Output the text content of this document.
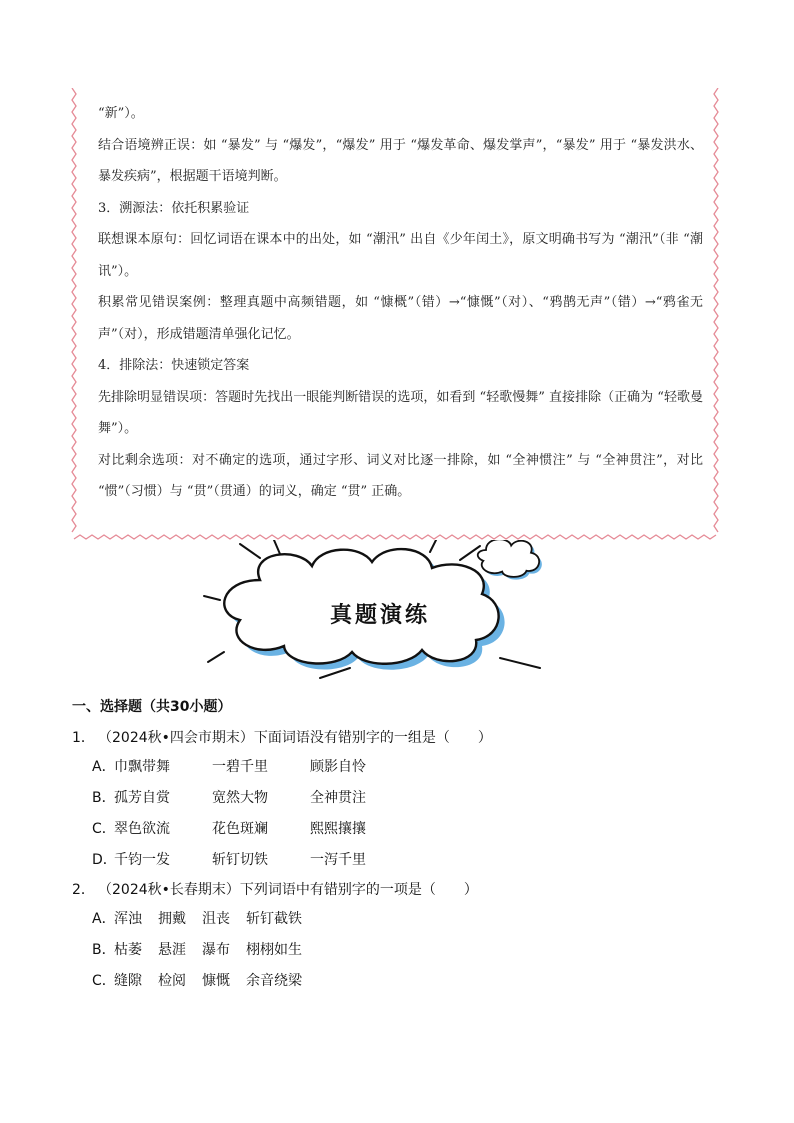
“新”）。

结合语境辨正误：如 “暴发” 与 “爆发”，“爆发” 用于 “爆发革命、爆发掌声”，“暴发” 用于 “暴发洪水、暴发疾病”，根据题干语境判断。

3．溯源法：依托积累验证

联想课本原句：回忆词语在课本中的出处，如 “潮汛” 出自《少年闰土》，原文明确书写为 “潮汛”（非 “潮讯”）。

积累常见错误案例：整理真题中高频错题，如 “慷概”（错）→“慷慨”（对）、“鸦鹊无声”（错）→“鸦雀无声”（对），形成错题清单强化记忆。

4．排除法：快速锁定答案

先排除明显错误项：答题时先找出一眼能判断错误的选项，如看到 “轻歌慢舞” 直接排除（正确为 “轻歌曼舞”）。

对比剩余选项：对不确定的选项，通过字形、词义对比逐一排除，如 “全神惯注” 与 “全神贯注”，对比 “惯”（习惯）与 “贯”（贯通）的词义，确定 “贯” 正确。

真题演练
一、选择题（共30小题）
1． （2024秋•四会市期末）下面词语没有错别字的一组是（　　）
A．巾飘带舞	一碧千里	顾影自怜
B．孤芳自赏	宽然大物	全神贯注
C．翠色欲流	花色斑斓	熙熙攘攘
D．千钧一发	斩钉切铁	一泻千里
2． （2024秋•长春期末）下列词语中有错别字的一项是（　　）
A．浑浊 拥戴 沮丧 斩钉截铁
B．枯萎 悬涯 瀑布 栩栩如生
C．缝隙 检阅 慷慨 余音绕梁
